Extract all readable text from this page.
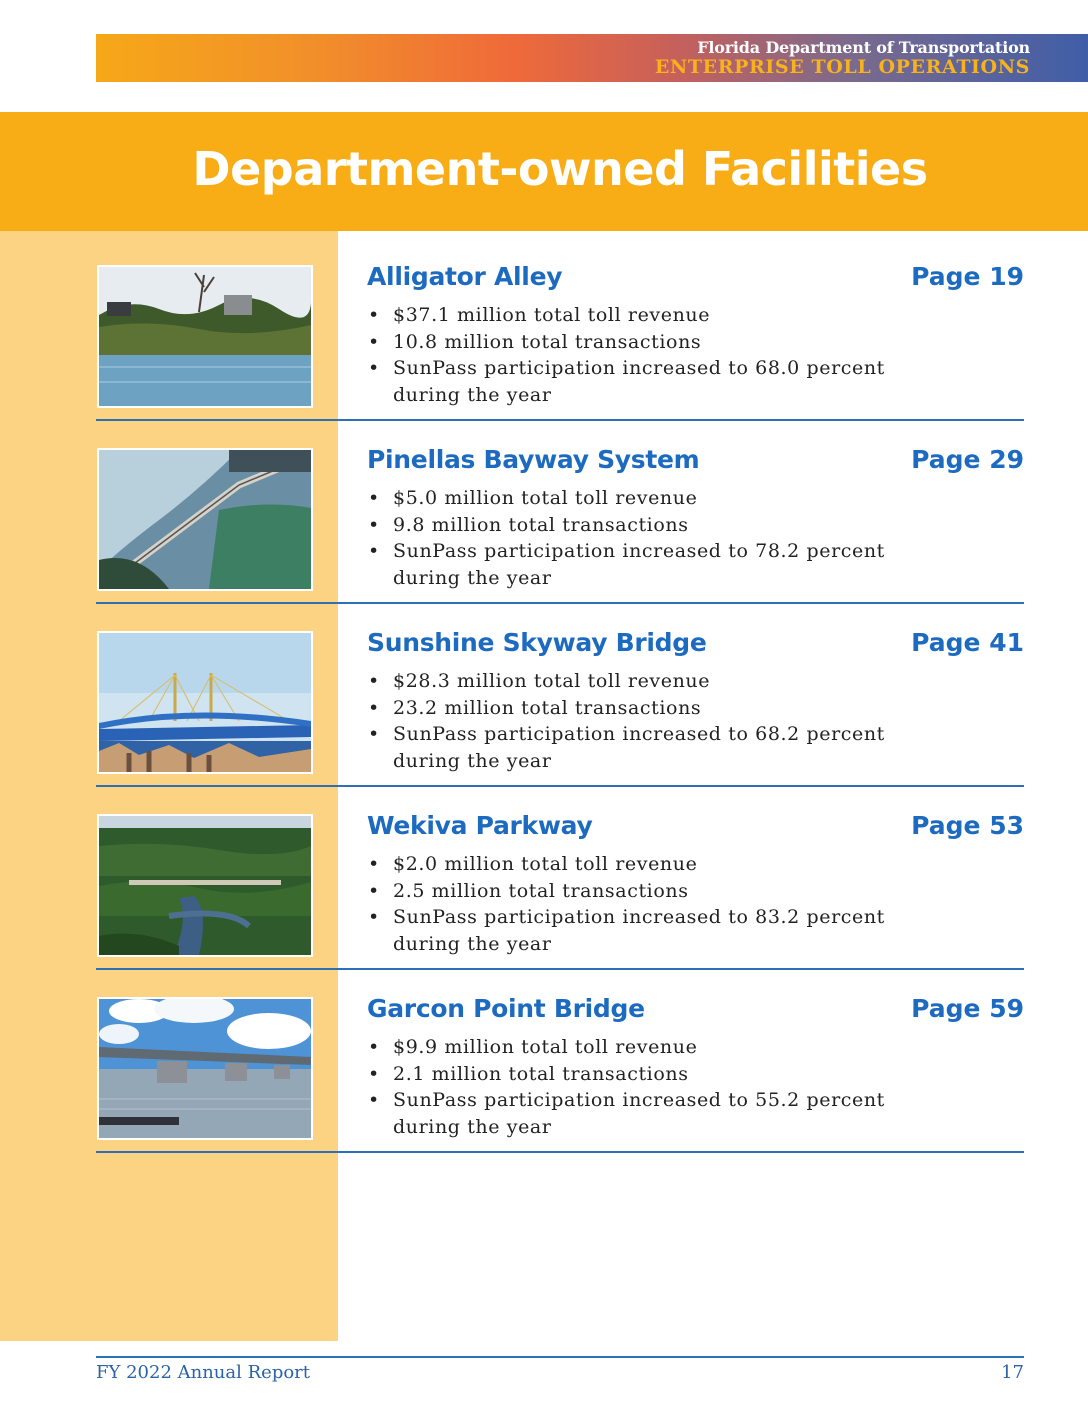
Florida Department of Transportation
ENTERPRISE TOLL OPERATIONS
Department-owned Facilities
Alligator Alley	Page 19
• $37.1 million total toll revenue
• 10.8 million total transactions
• SunPass participation increased to 68.0 percent during the year
Pinellas Bayway System	Page 29
• $5.0 million total toll revenue
• 9.8 million total transactions
• SunPass participation increased to 78.2 percent during the year
Sunshine Skyway Bridge	Page 41
• $28.3 million total toll revenue
• 23.2 million total transactions
• SunPass participation increased to 68.2 percent during the year
Wekiva Parkway	Page 53
• $2.0 million total toll revenue
• 2.5 million total transactions
• SunPass participation increased to 83.2 percent during the year
Garcon Point Bridge	Page 59
• $9.9 million total toll revenue
• 2.1 million total transactions
• SunPass participation increased to 55.2 percent during the year
FY 2022 Annual Report	17
